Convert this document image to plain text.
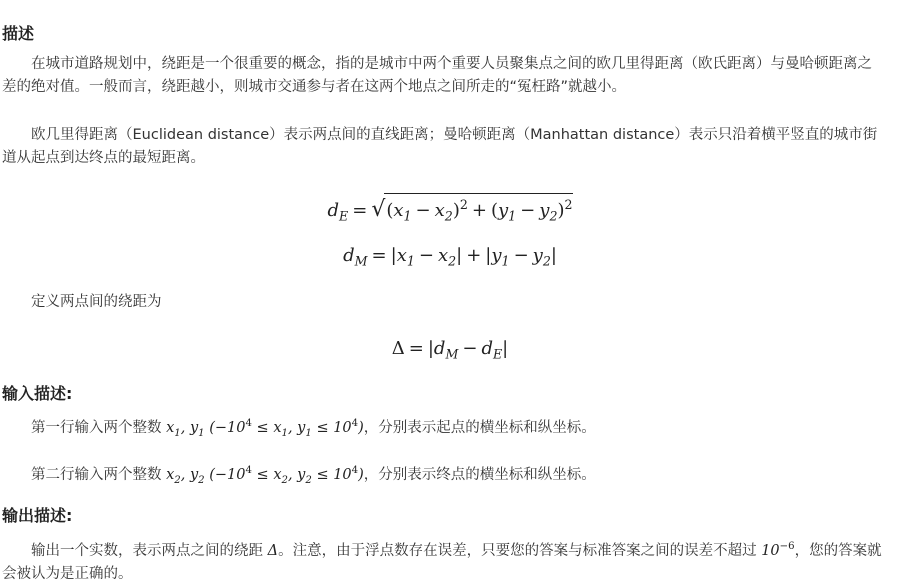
描述

在城市道路规划中，绕距是一个很重要的概念，指的是城市中两个重要人员聚集点之间的欧几里得距离（欧氏距离）与曼哈顿距离之差的绝对值。一般而言，绕距越小，则城市交通参与者在这两个地点之间所走的“冤枉路”就越小。

欧几里得距离（Euclidean distance）表示两点间的直线距离；曼哈顿距离（Manhattan distance）表示只沿着横平竖直的城市街道从起点到达终点的最短距离。

$d_E = √(x_1 - x_2)^2 + (y_1 - y_2)^2$
$d_M = |x_1 - x_2| + |y_1 - y_2|$

定义两点间的绕距为

$\Delta = |d_M - d_E|$
输入描述:
第一行输入两个整数 $x_1$, $y_1$ ($-10^4 \le x_1$, $y_1 \le 10^4$)，分别表示起点的横坐标和纵坐标。
第二行输入两个整数 $x_2$, $y_2$ ($-10^4 \le x_2$, $y_2 \le 10^4$)，分别表示终点的横坐标和纵坐标。
输出描述:

输出一个实数，表示两点之间的绕距 Δ。注意，由于浮点数存在误差，只要您的答案与标准答案之间的误差不超过 $10^{-6}$，您的答案就会被认为是正确的。
